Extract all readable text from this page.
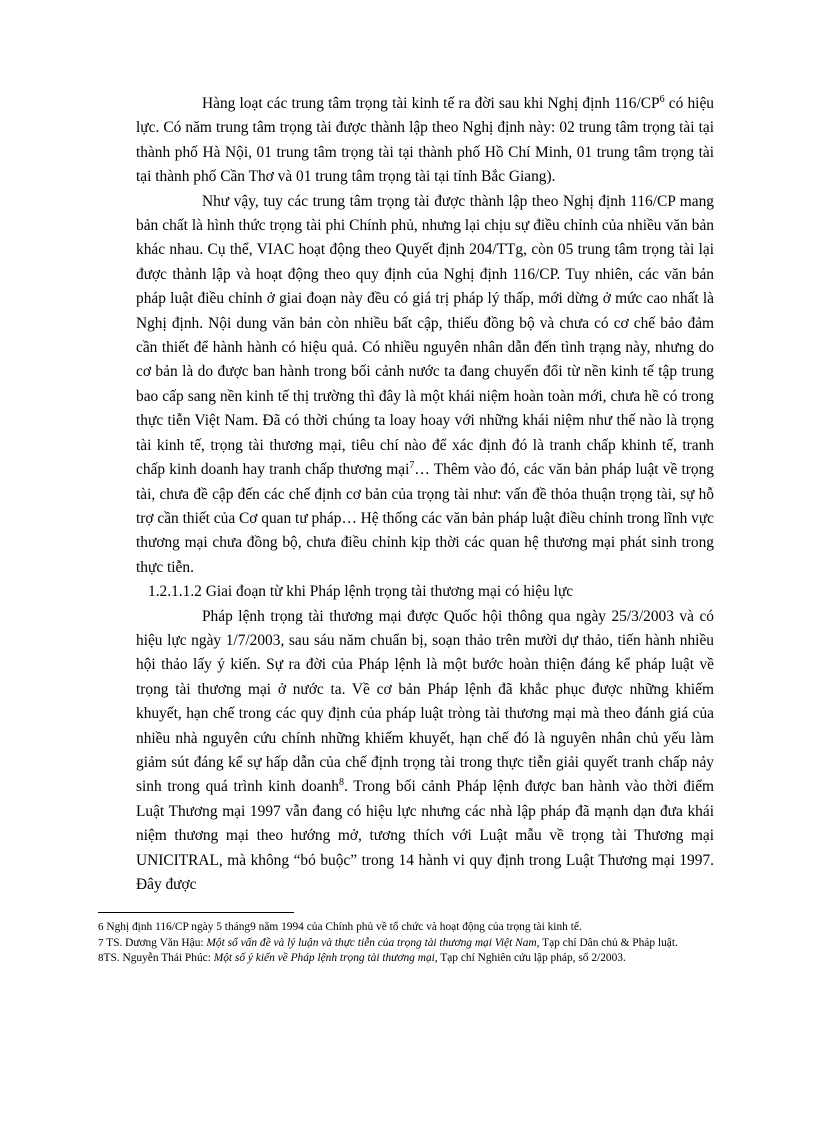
Hàng loạt các trung tâm trọng tài kinh tế ra đời sau khi Nghị định $116/CP^6$ có hiệu lực. Có năm trung tâm trọng tài được thành lập theo Nghị định này: 02 trung tâm trọng tài tại thành phố Hà Nội, 01 trung tâm trọng tài tại thành phố Hồ Chí Minh, 01 trung tâm trọng tài tại thành phố Cần Thơ và 01 trung tâm trọng tài tại tỉnh Bắc Giang).

Như vậy, tuy các trung tâm trọng tài được thành lập theo Nghị định 116/CP mang bản chất là hình thức trọng tài phi Chính phủ, nhưng lại chịu sự điều chỉnh của nhiều văn bản khác nhau. Cụ thể, VIAC hoạt động theo Quyết định 204/TTg, còn 05 trung tâm trọng tài lại được thành lập và hoạt động theo quy định của Nghị định 116/CP. Tuy nhiên, các văn bản pháp luật điều chỉnh ở giai đoạn này đều có giá trị pháp lý thấp, mới dừng ở mức cao nhất là Nghị định. Nội dung văn bản còn nhiều bất cập, thiếu đồng bộ và chưa có cơ chế bảo đảm cần thiết để hành hành có hiệu quả. Có nhiều nguyên nhân dẫn đến tình trạng này, nhưng do cơ bản là do được ban hành trong bối cảnh nước ta đang chuyển đổi từ nền kinh tế tập trung bao cấp sang nền kinh tế thị trường thì đây là một khái niệm hoàn toàn mới, chưa hề có trong thực tiễn Việt Nam. Đã có thời chúng ta loay hoay với những khái niệm như thế nào là trọng tài kinh tế, trọng tài thương mại, tiêu chí nào để xác định đó là tranh chấp khinh tế, tranh chấp kinh doanh hay tranh chấp thương mại$^7$… Thêm vào đó, các văn bản pháp luật về trọng tài, chưa đề cập đến các chế định cơ bản của trọng tài như: vấn đề thỏa thuận trọng tài, sự hỗ trợ cần thiết của Cơ quan tư pháp… Hệ thống các văn bản pháp luật điều chỉnh trong lĩnh vực thương mại chưa đồng bộ, chưa điều chỉnh kịp thời các quan hệ thương mại phát sinh trong thực tiễn.

1.2.1.1.2 Giai đoạn từ khi Pháp lệnh trọng tài thương mại có hiệu lực

Pháp lệnh trọng tài thương mại được Quốc hội thông qua ngày 25/3/2003 và có hiệu lực ngày 1/7/2003, sau sáu năm chuẩn bị, soạn thảo trên mười dự thảo, tiến hành nhiều hội thảo lấy ý kiến. Sự ra đời của Pháp lệnh là một bước hoàn thiện đáng kể pháp luật về trọng tài thương mại ở nước ta. Về cơ bản Pháp lệnh đã khắc phục được những khiếm khuyết, hạn chế trong các quy định của pháp luật tròng tài thương mại mà theo đánh giá của nhiều nhà nguyên cứu chính những khiếm khuyết, hạn chế đó là nguyên nhân chủ yếu làm giảm sút đáng kể sự hấp dẫn của chế định trọng tài trong thực tiễn giải quyết tranh chấp nảy sinh trong quá trình kinh doanh$^8$. Trong bối cảnh Pháp lệnh được ban hành vào thời điểm Luật Thương mại 1997 vẫn đang có hiệu lực nhưng các nhà lập pháp đã mạnh dạn đưa khái niệm thương mại theo hướng mở, tương thích với Luật mẫu về trọng tài Thương mại UNICITRAL, mà không “bó buộc” trong 14 hành vi quy định trong Luật Thương mại 1997. Đây được

6 Nghị định 116/CP ngày 5 tháng9 năm 1994 của Chính phủ về tổ chức và hoạt động của trọng tài kinh tế.

7 TS. Dương Văn Hậu: Một số vấn đề và lý luận và thực tiễn của trọng tài thương mại Việt Nam, Tạp chí Dân chủ & Pháp luật.

8TS. Nguyễn Thái Phúc: Một số ý kiến về Pháp lệnh trọng tài thương mại, Tạp chí Nghiên cứu lập pháp, số 2/2003.
